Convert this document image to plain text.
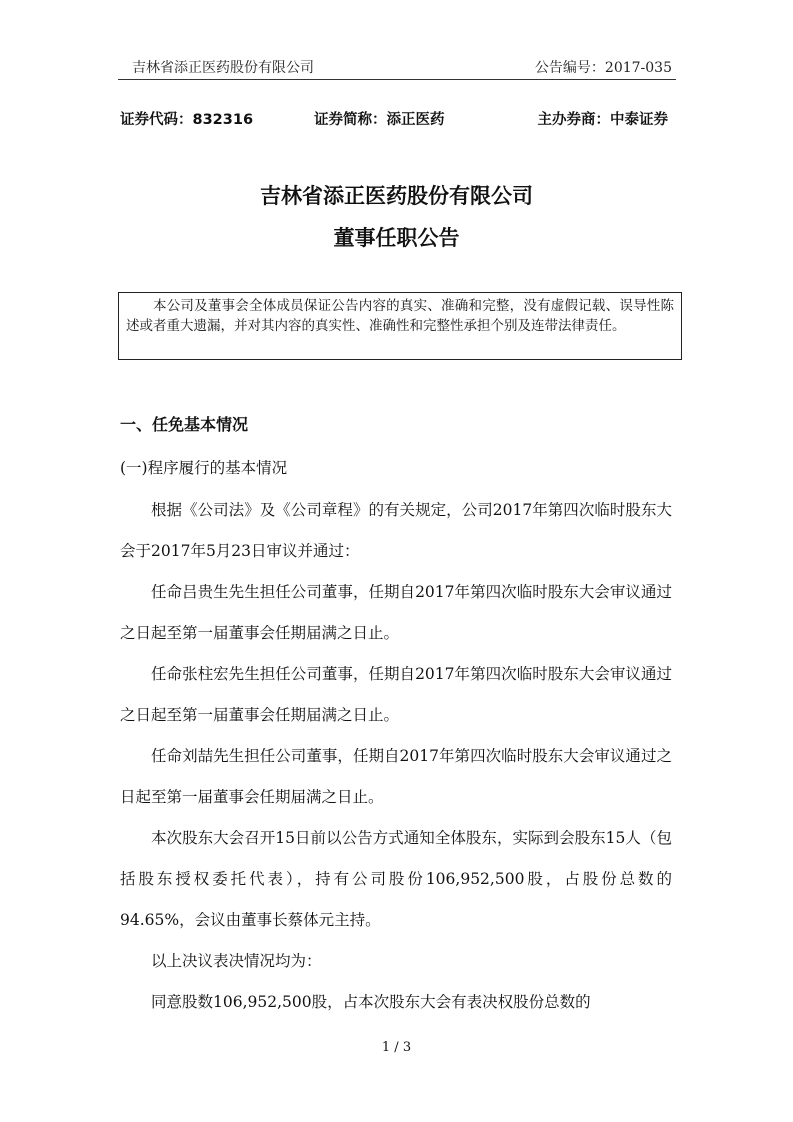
吉林省添正医药股份有限公司	公告编号：2017-035
证券代码：832316	证券简称：添正医药	主办券商：中泰证券
吉林省添正医药股份有限公司
董事任职公告

本公司及董事会全体成员保证公告内容的真实、准确和完整，没有虚假记载、误导性陈述或者重大遗漏，并对其内容的真实性、准确性和完整性承担个别及连带法律责任。

一、任免基本情况
(一)程序履行的基本情况

根据《公司法》及《公司章程》的有关规定，公司2017年第四次临时股东大会于2017年5月23日审议并通过：

任命吕贵生先生担任公司董事，任期自2017年第四次临时股东大会审议通过之日起至第一届董事会任期届满之日止。

任命张柱宏先生担任公司董事，任期自2017年第四次临时股东大会审议通过之日起至第一届董事会任期届满之日止。

任命刘喆先生担任公司董事，任期自2017年第四次临时股东大会审议通过之日起至第一届董事会任期届满之日止。

本次股东大会召开15日前以公告方式通知全体股东，实际到会股东15人（包括股东授权委托代表），持有公司股份106,952,500股，占股份总数的94.65%，会议由董事长蔡体元主持。

以上决议表决情况均为：

同意股数106,952,500股，占本次股东大会有表决权股份总数的

1 / 3
